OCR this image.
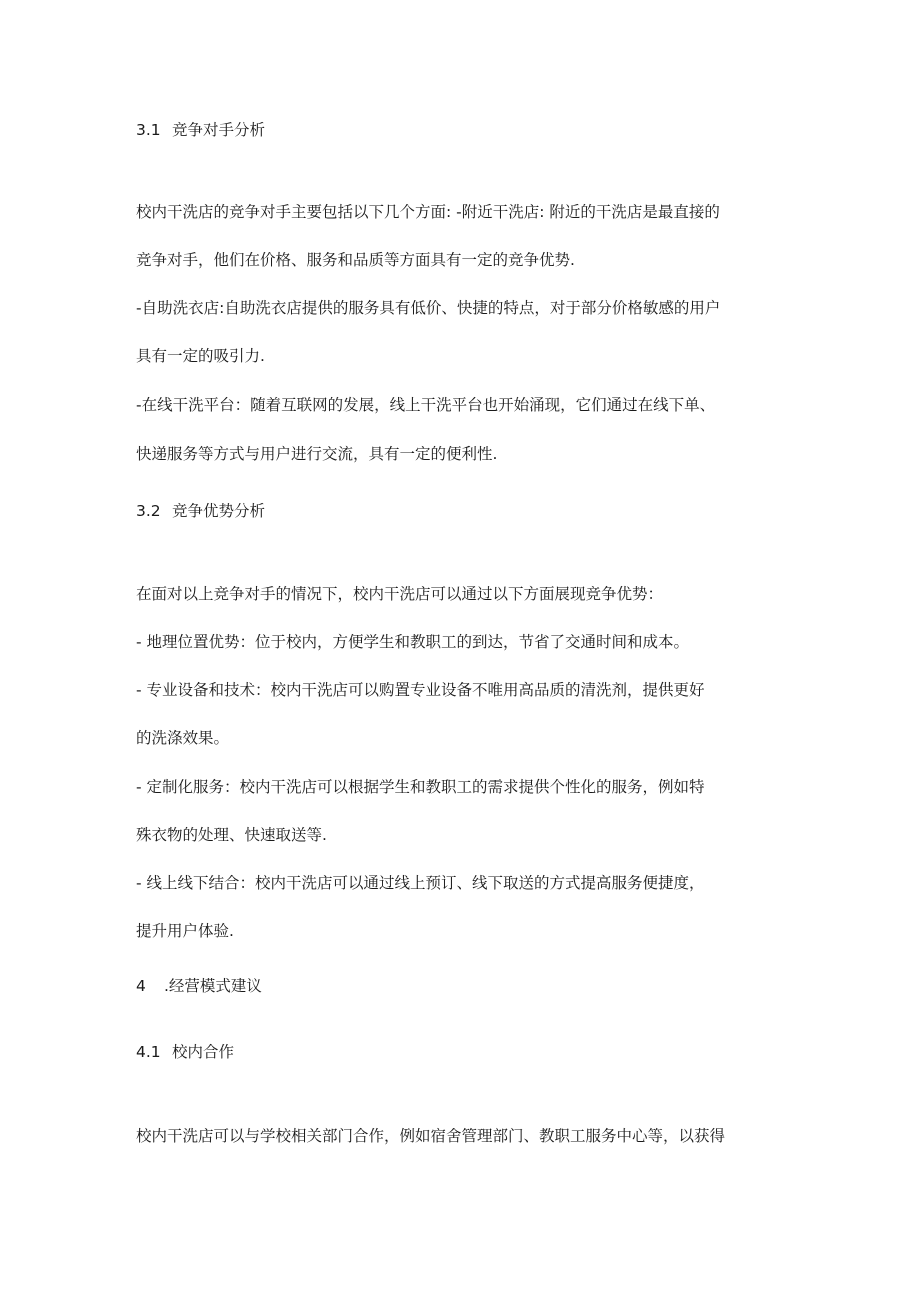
3.1 竞争对手分析
校内干洗店的竞争对手主要包括以下几个方面: -附近干洗店: 附近的干洗店是最直接的
竞争对手，他们在价格、服务和品质等方面具有一定的竞争优势.
-自助洗衣店:自助洗衣店提供的服务具有低价、快捷的特点，对于部分价格敏感的用户
具有一定的吸引力.
-在线干洗平台：随着互联网的发展，线上干洗平台也开始涌现，它们通过在线下单、
快递服务等方式与用户进行交流，具有一定的便利性.
3.2 竞争优势分析
在面对以上竞争对手的情况下，校内干洗店可以通过以下方面展现竞争优势：
- 地理位置优势：位于校内，方便学生和教职工的到达，节省了交通时间和成本。
- 专业设备和技术：校内干洗店可以购置专业设备不唯用高品质的清洗剂，提供更好
的洗涤效果。
- 定制化服务：校内干洗店可以根据学生和教职工的需求提供个性化的服务，例如特
殊衣物的处理、快速取送等.
- 线上线下结合：校内干洗店可以通过线上预订、线下取送的方式提高服务便捷度，
提升用户体验.
4 .经营模式建议
4.1 校内合作
校内干洗店可以与学校相关部门合作，例如宿舍管理部门、教职工服务中心等，以获得
